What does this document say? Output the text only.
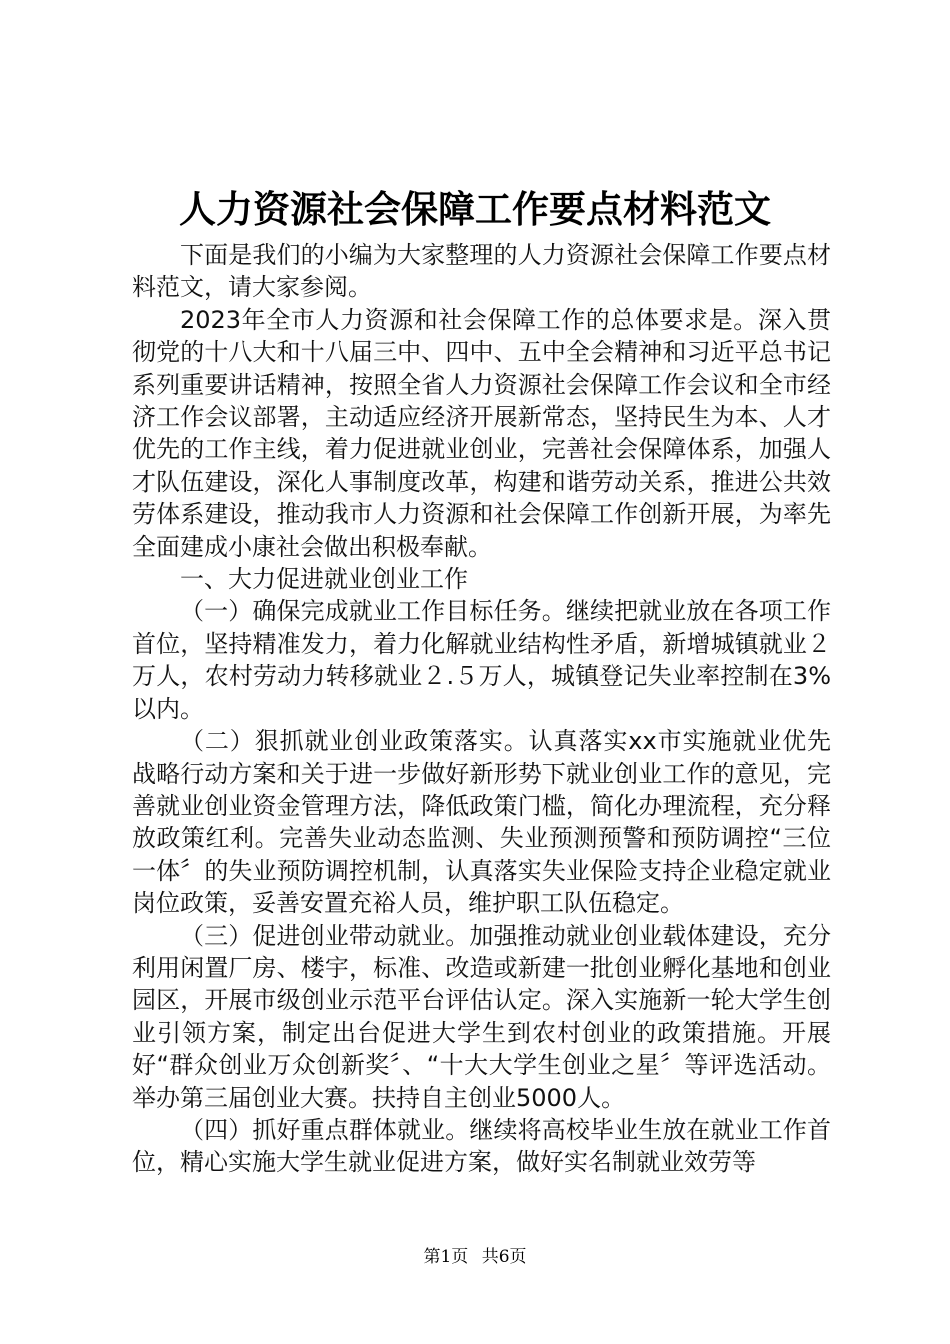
人力资源社会保障工作要点材料范文

下面是我们的小编为大家整理的人力资源社会保障工作要点材料范文，请大家参阅。

2023年全市人力资源和社会保障工作的总体要求是。深入贯彻党的十八大和十八届三中、四中、五中全会精神和习近平总书记系列重要讲话精神，按照全省人力资源社会保障工作会议和全市经济工作会议部署，主动适应经济开展新常态，坚持民生为本、人才优先的工作主线，着力促进就业创业，完善社会保障体系，加强人才队伍建设，深化人事制度改革，构建和谐劳动关系，推进公共效劳体系建设，推动我市人力资源和社会保障工作创新开展，为率先全面建成小康社会做出积极奉献。

一、大力促进就业创业工作

（一）确保完成就业工作目标任务。继续把就业放在各项工作首位，坚持精准发力，着力化解就业结构性矛盾，新增城镇就业２万人，农村劳动力转移就业２.５万人，城镇登记失业率控制在3%以内。

（二）狠抓就业创业政策落实。认真落实xx市实施就业优先战略行动方案和关于进一步做好新形势下就业创业工作的意见，完善就业创业资金管理方法，降低政策门槛，简化办理流程，充分释放政策红利。完善失业动态监测、失业预测预警和预防调控“三位一体〞的失业预防调控机制，认真落实失业保险支持企业稳定就业岗位政策，妥善安置充裕人员，维护职工队伍稳定。

（三）促进创业带动就业。加强推动就业创业载体建设，充分利用闲置厂房、楼宇，标准、改造或新建一批创业孵化基地和创业园区，开展市级创业示范平台评估认定。深入实施新一轮大学生创业引领方案，制定出台促进大学生到农村创业的政策措施。开展好“群众创业万众创新奖〞、“十大大学生创业之星〞等评选活动。举办第三届创业大赛。扶持自主创业5000人。

（四）抓好重点群体就业。继续将高校毕业生放在就业工作首位，精心实施大学生就业促进方案，做好实名制就业效劳等

第1页 共6页
